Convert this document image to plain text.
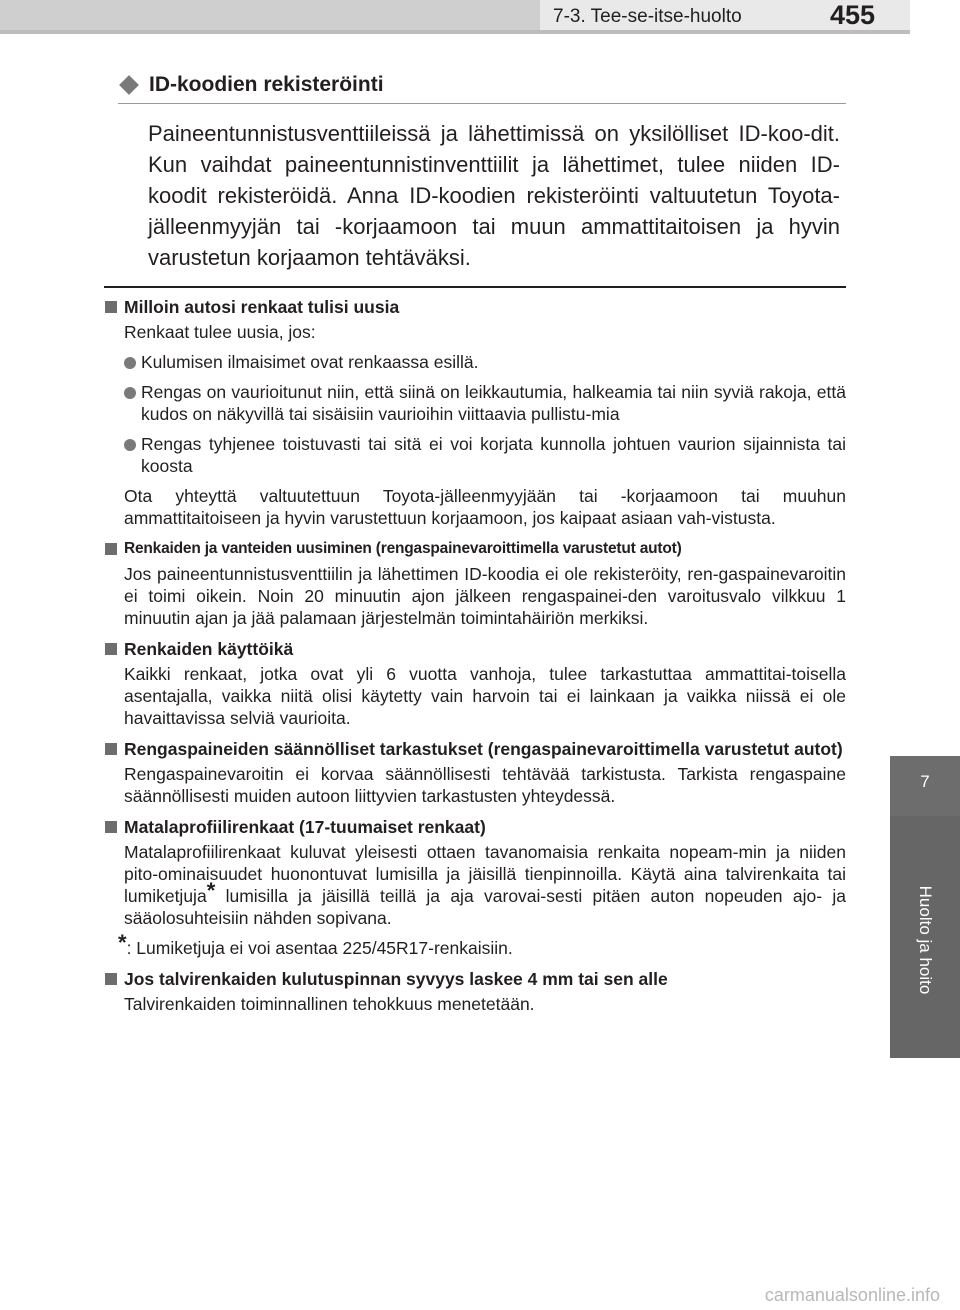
7-3. Tee-se-itse-huolto	455
7
Huolto ja hoito
ID-koodien rekisteröinti
Paineentunnistusventtiileissä ja lähettimissä on yksilölliset ID-koo-dit. Kun vaihdat paineentunnistinventtiilit ja lähettimet, tulee niiden ID-koodit rekisteröidä. Anna ID-koodien rekisteröinti valtuutetun Toyota-jälleenmyyjän tai -korjaamoon tai muun ammattitaitoisen ja hyvin varustetun korjaamon tehtäväksi.
Milloin autosi renkaat tulisi uusia
Renkaat tulee uusia, jos:
Kulumisen ilmaisimet ovat renkaassa esillä.
Rengas on vaurioitunut niin, että siinä on leikkautumia, halkeamia tai niin syviä rakoja, että kudos on näkyvillä tai sisäisiin vaurioihin viittaavia pullistu-mia
Rengas tyhjenee toistuvasti tai sitä ei voi korjata kunnolla johtuen vaurion sijainnista tai koosta
Ota yhteyttä valtuutettuun Toyota-jälleenmyyjään tai -korjaamoon tai muuhun ammattitaitoiseen ja hyvin varustettuun korjaamoon, jos kaipaat asiaan vah-vistusta.
Renkaiden ja vanteiden uusiminen (rengaspainevaroittimella varustetut autot)
Jos paineentunnistusventtiilin ja lähettimen ID-koodia ei ole rekisteröity, ren-gaspainevaroitin ei toimi oikein. Noin 20 minuutin ajon jälkeen rengaspainei-den varoitusvalo vilkkuu 1 minuutin ajan ja jää palamaan järjestelmän toimintahäiriön merkiksi.
Renkaiden käyttöikä
Kaikki renkaat, jotka ovat yli 6 vuotta vanhoja, tulee tarkastuttaa ammattitai-toisella asentajalla, vaikka niitä olisi käytetty vain harvoin tai ei lainkaan ja vaikka niissä ei ole havaittavissa selviä vaurioita.
Rengaspaineiden säännölliset tarkastukset (rengaspainevaroittimella varustetut autot)
Rengaspainevaroitin ei korvaa säännöllisesti tehtävää tarkistusta. Tarkista rengaspaine säännöllisesti muiden autoon liittyvien tarkastusten yhteydessä.
Matalaprofiilirenkaat (17-tuumaiset renkaat)
Matalaprofiilirenkaat kuluvat yleisesti ottaen tavanomaisia renkaita nopeam-min ja niiden pito-ominaisuudet huonontuvat lumisilla ja jäisillä tienpinnoilla. Käytä aina talvirenkaita tai lumiketjuja* lumisilla ja jäisillä teillä ja aja varovai-sesti pitäen auton nopeuden ajo- ja sääolosuhteisiin nähden sopivana.
*: Lumiketjuja ei voi asentaa 225/45R17-renkaisiin.
Jos talvirenkaiden kulutuspinnan syvyys laskee 4 mm tai sen alle
Talvirenkaiden toiminnallinen tehokkuus menetetään.
carmanualsonline.info
